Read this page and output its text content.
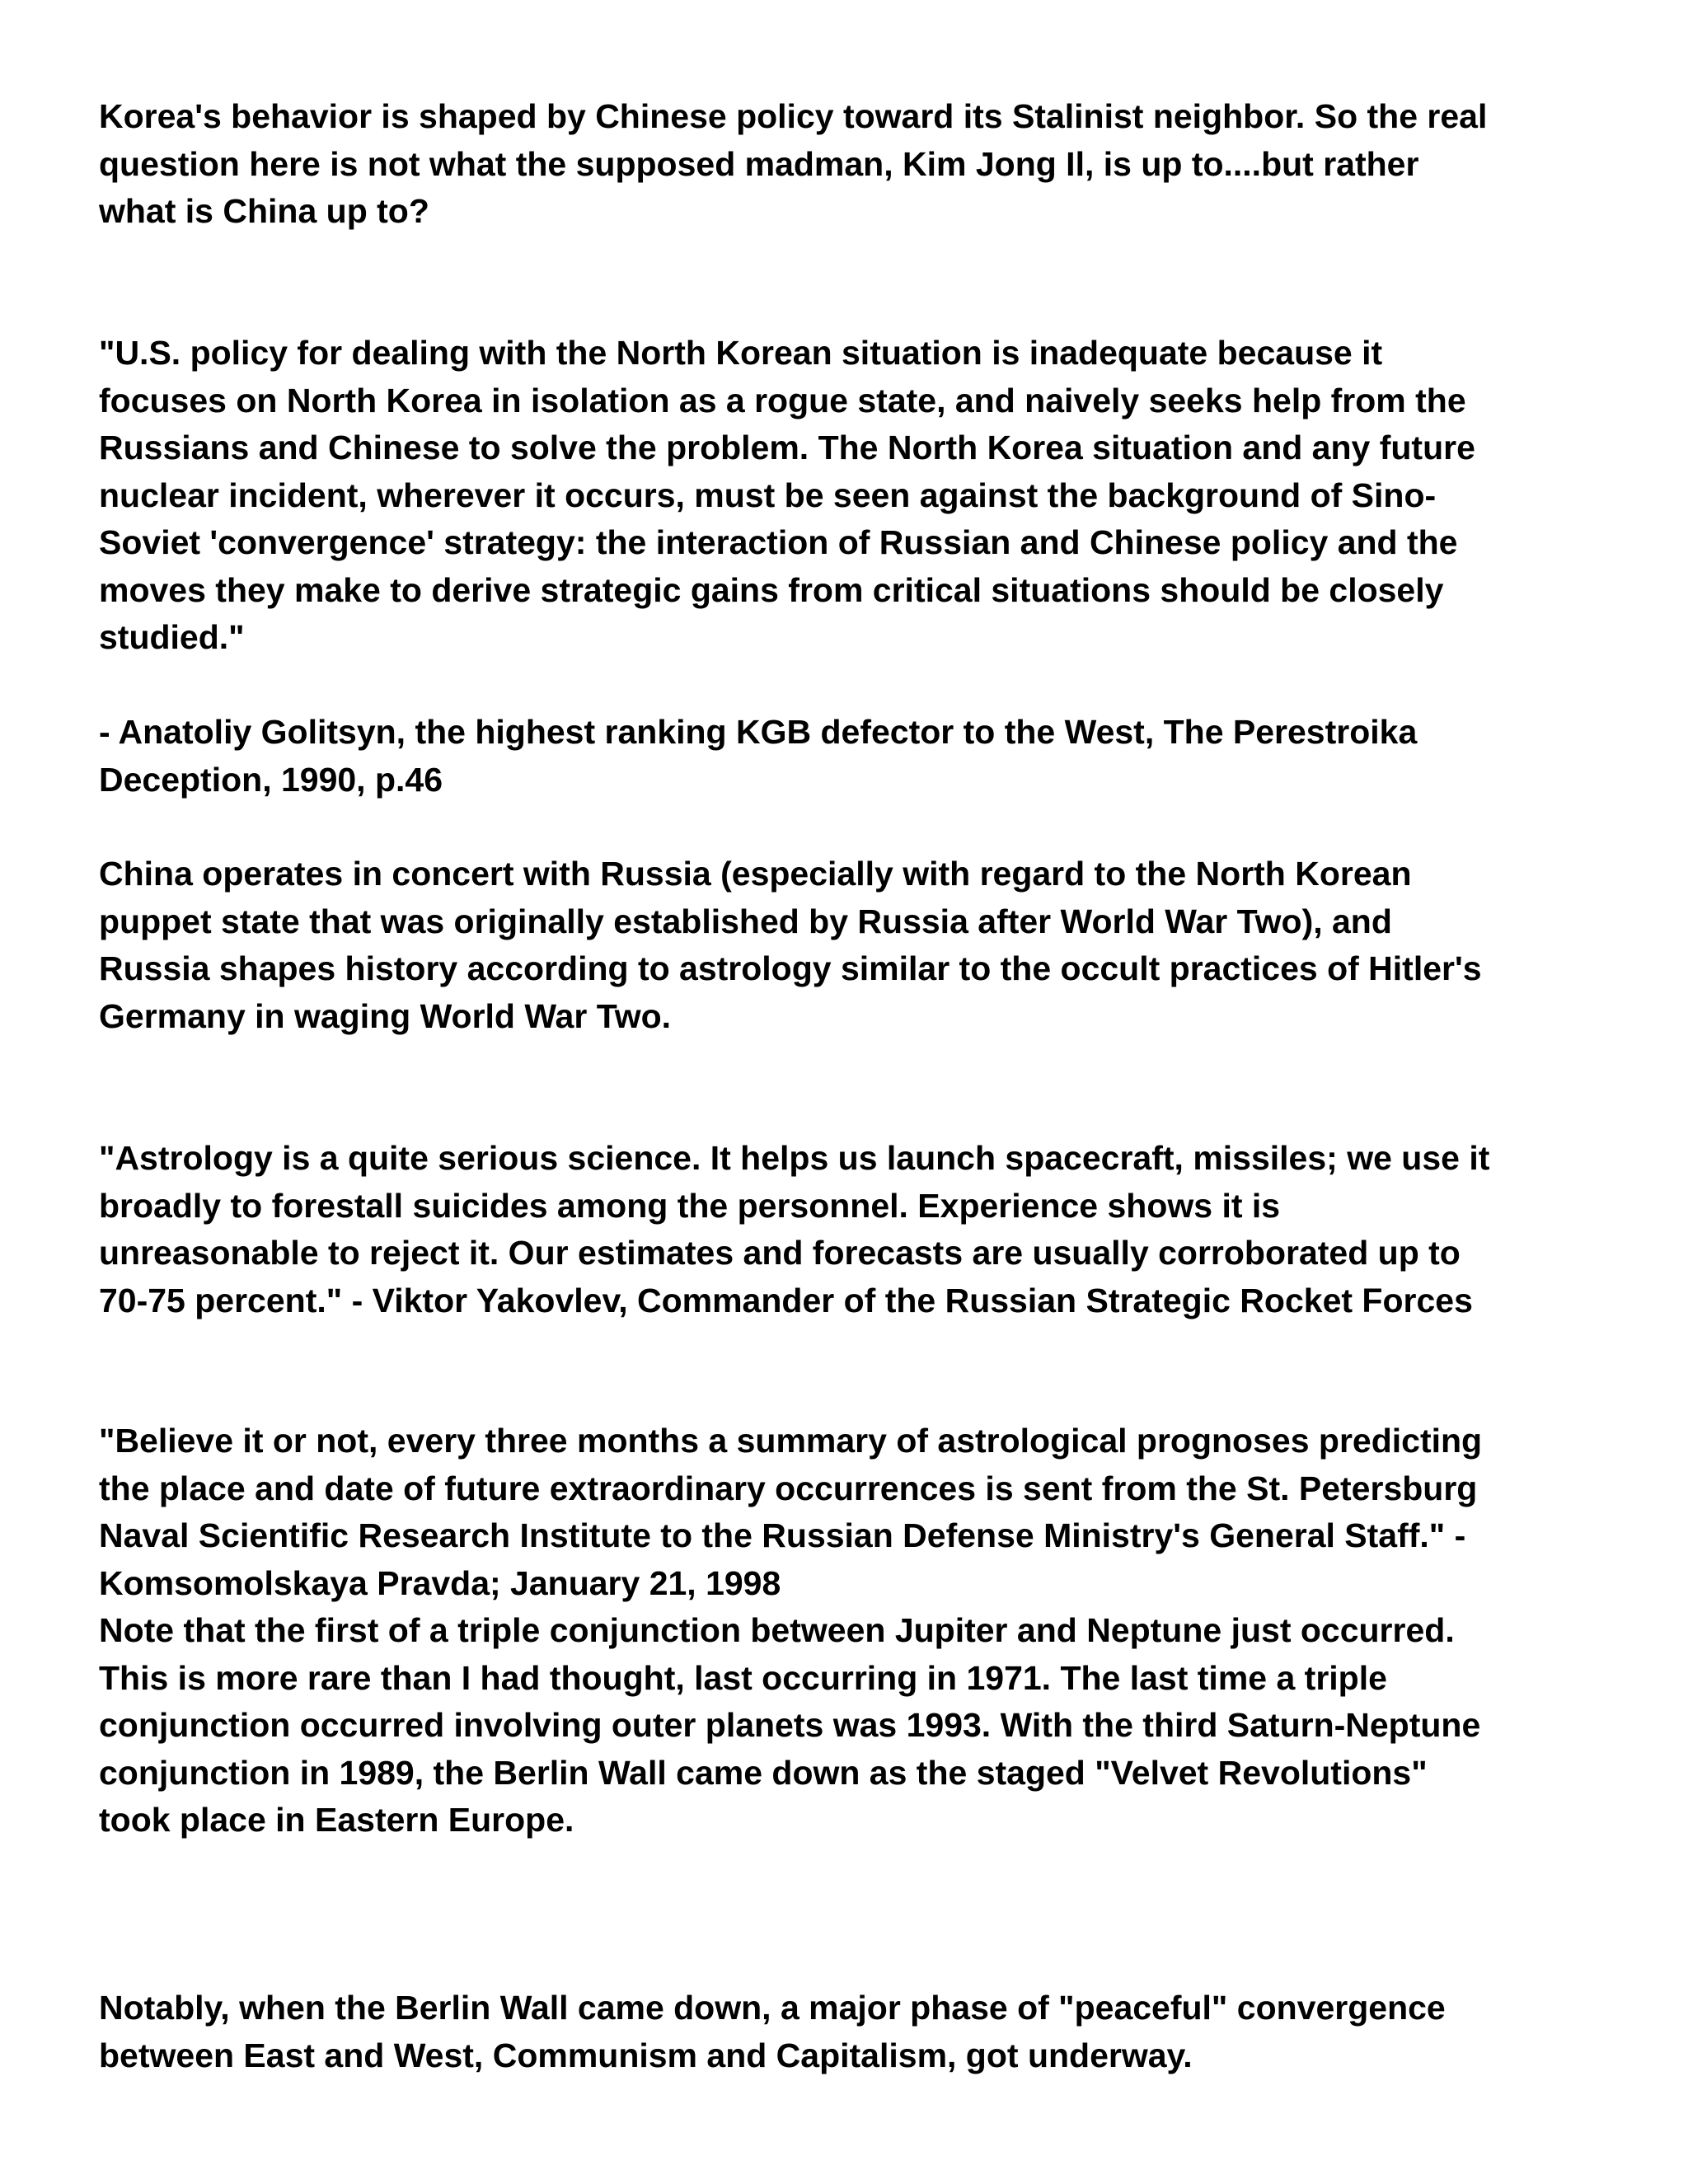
Korea's behavior is shaped by Chinese policy toward its Stalinist neighbor. So the real
question here is not what the supposed madman, Kim Jong Il, is up to....but rather
what is China up to?

"U.S. policy for dealing with the North Korean situation is inadequate because it
focuses on North Korea in isolation as a rogue state, and naively seeks help from the
Russians and Chinese to solve the problem. The North Korea situation and any future
nuclear incident, wherever it occurs, must be seen against the background of Sino-
Soviet 'convergence' strategy: the interaction of Russian and Chinese policy and the
moves they make to derive strategic gains from critical situations should be closely
studied."

- Anatoliy Golitsyn, the highest ranking KGB defector to the West, The Perestroika
Deception, 1990, p.46

China operates in concert with Russia (especially with regard to the North Korean
puppet state that was originally established by Russia after World War Two), and
Russia shapes history according to astrology similar to the occult practices of Hitler's
Germany in waging World War Two.

"Astrology is a quite serious science. It helps us launch spacecraft, missiles; we use it
broadly to forestall suicides among the personnel. Experience shows it is
unreasonable to reject it. Our estimates and forecasts are usually corroborated up to
70-75 percent." - Viktor Yakovlev, Commander of the Russian Strategic Rocket Forces

"Believe it or not, every three months a summary of astrological prognoses predicting
the place and date of future extraordinary occurrences is sent from the St. Petersburg
Naval Scientific Research Institute to the Russian Defense Ministry's General Staff." -
Komsomolskaya Pravda; January 21, 1998

Note that the first of a triple conjunction between Jupiter and Neptune just occurred.
This is more rare than I had thought, last occurring in 1971. The last time a triple
conjunction occurred involving outer planets was 1993. With the third Saturn-Neptune
conjunction in 1989, the Berlin Wall came down as the staged "Velvet Revolutions"
took place in Eastern Europe.

Notably, when the Berlin Wall came down, a major phase of "peaceful" convergence
between East and West, Communism and Capitalism, got underway.
